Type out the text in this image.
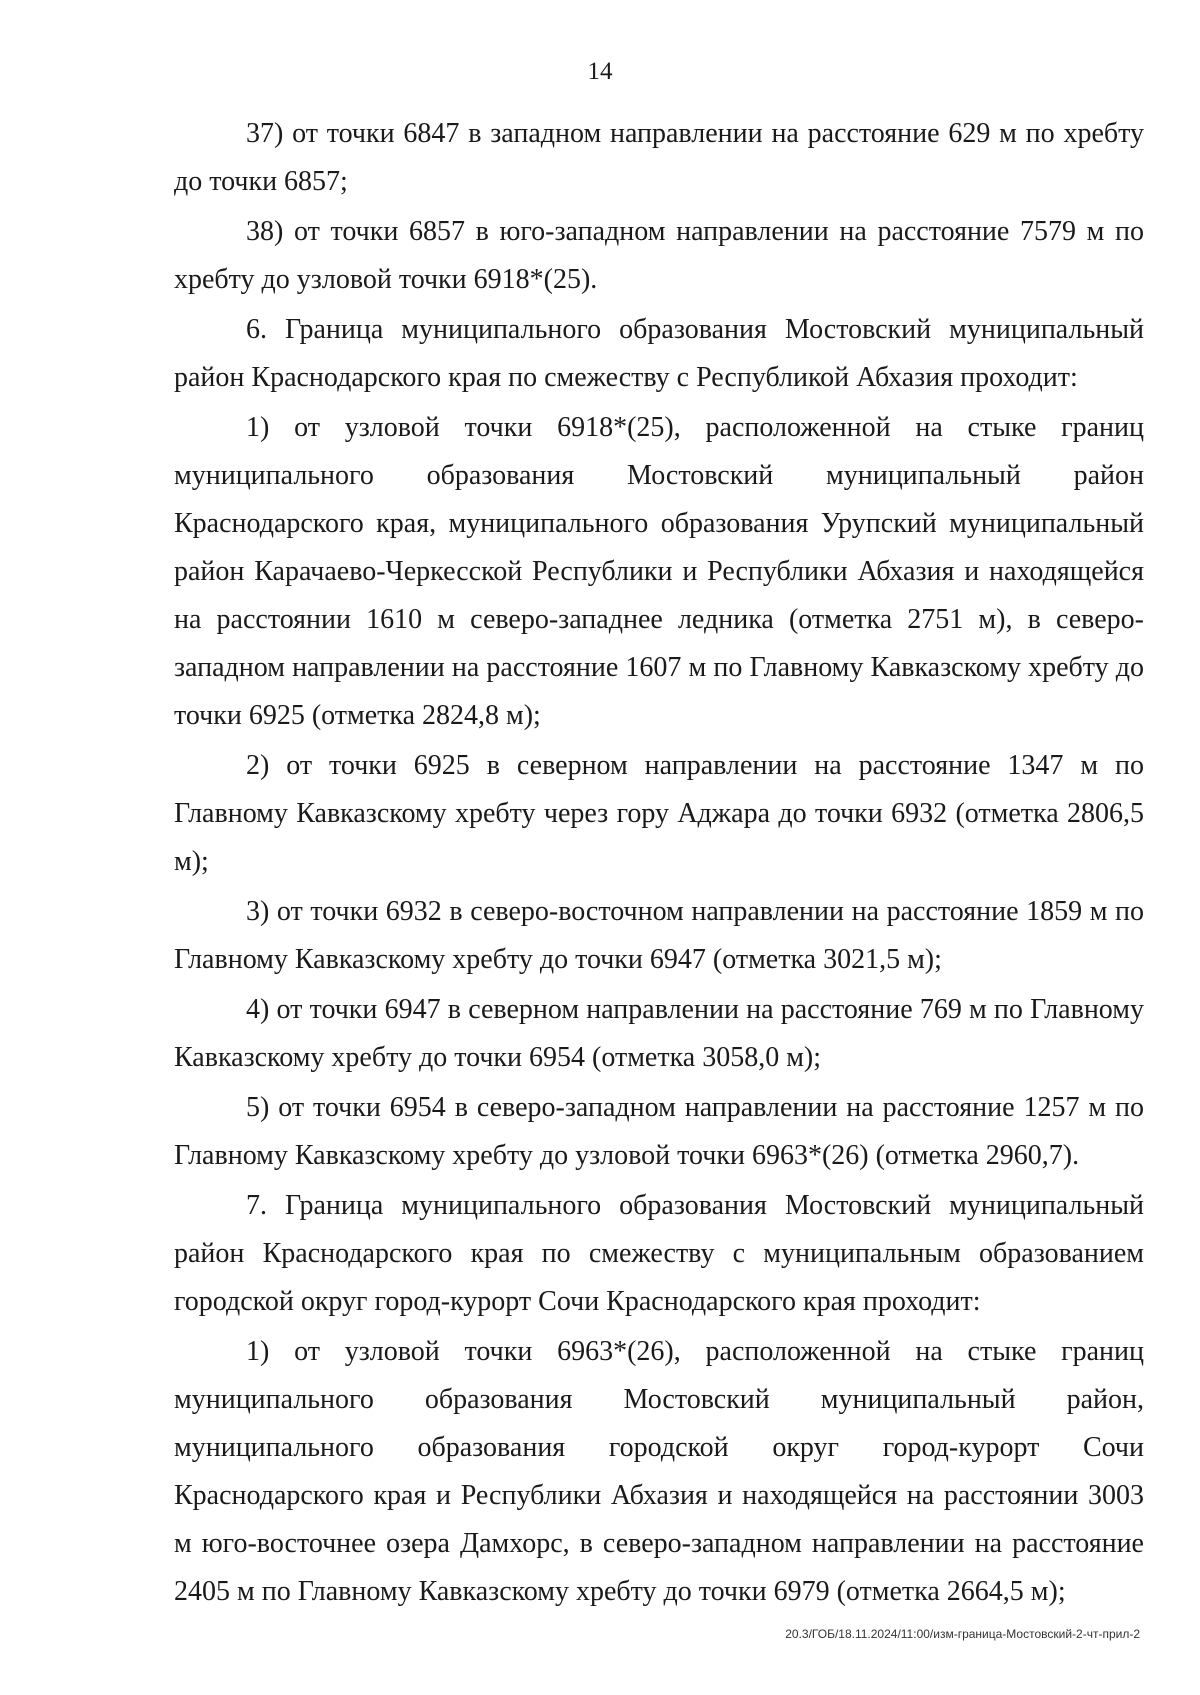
14

37) от точки 6847 в западном направлении на расстояние 629 м по хребту до точки 6857;

38) от точки 6857 в юго-западном направлении на расстояние 7579 м по хребту до узловой точки 6918*(25).

6. Граница муниципального образования Мостовский муниципальный район Краснодарского края по смежеству с Республикой Абхазия проходит:

1) от узловой точки 6918*(25), расположенной на стыке границ муниципального образования Мостовский муниципальный район Краснодарского края, муниципального образования Урупский муниципальный район Карачаево-Черкесской Республики и Республики Абхазия и находящейся на расстоянии 1610 м северо-западнее ледника (отметка 2751 м), в северо-западном направлении на расстояние 1607 м по Главному Кавказскому хребту до точки 6925 (отметка 2824,8 м);

2) от точки 6925 в северном направлении на расстояние 1347 м по Главному Кавказскому хребту через гору Аджара до точки 6932 (отметка 2806,5 м);

3) от точки 6932 в северо-восточном направлении на расстояние 1859 м по Главному Кавказскому хребту до точки 6947 (отметка 3021,5 м);

4) от точки 6947 в северном направлении на расстояние 769 м по Главному Кавказскому хребту до точки 6954 (отметка 3058,0 м);

5) от точки 6954 в северо-западном направлении на расстояние 1257 м по Главному Кавказскому хребту до узловой точки 6963*(26) (отметка 2960,7).

7. Граница муниципального образования Мостовский муниципальный район Краснодарского края по смежеству с муниципальным образованием городской округ город-курорт Сочи Краснодарского края проходит:

1) от узловой точки 6963*(26), расположенной на стыке границ муниципального образования Мостовский муниципальный район, муниципального образования городской округ город-курорт Сочи Краснодарского края и Республики Абхазия и находящейся на расстоянии 3003 м юго-восточнее озера Дамхорс, в северо-западном направлении на расстояние 2405 м по Главному Кавказскому хребту до точки 6979 (отметка 2664,5 м);

20.3/ГОБ/18.11.2024/11:00/изм-граница-Мостовский-2-чт-прил-2
